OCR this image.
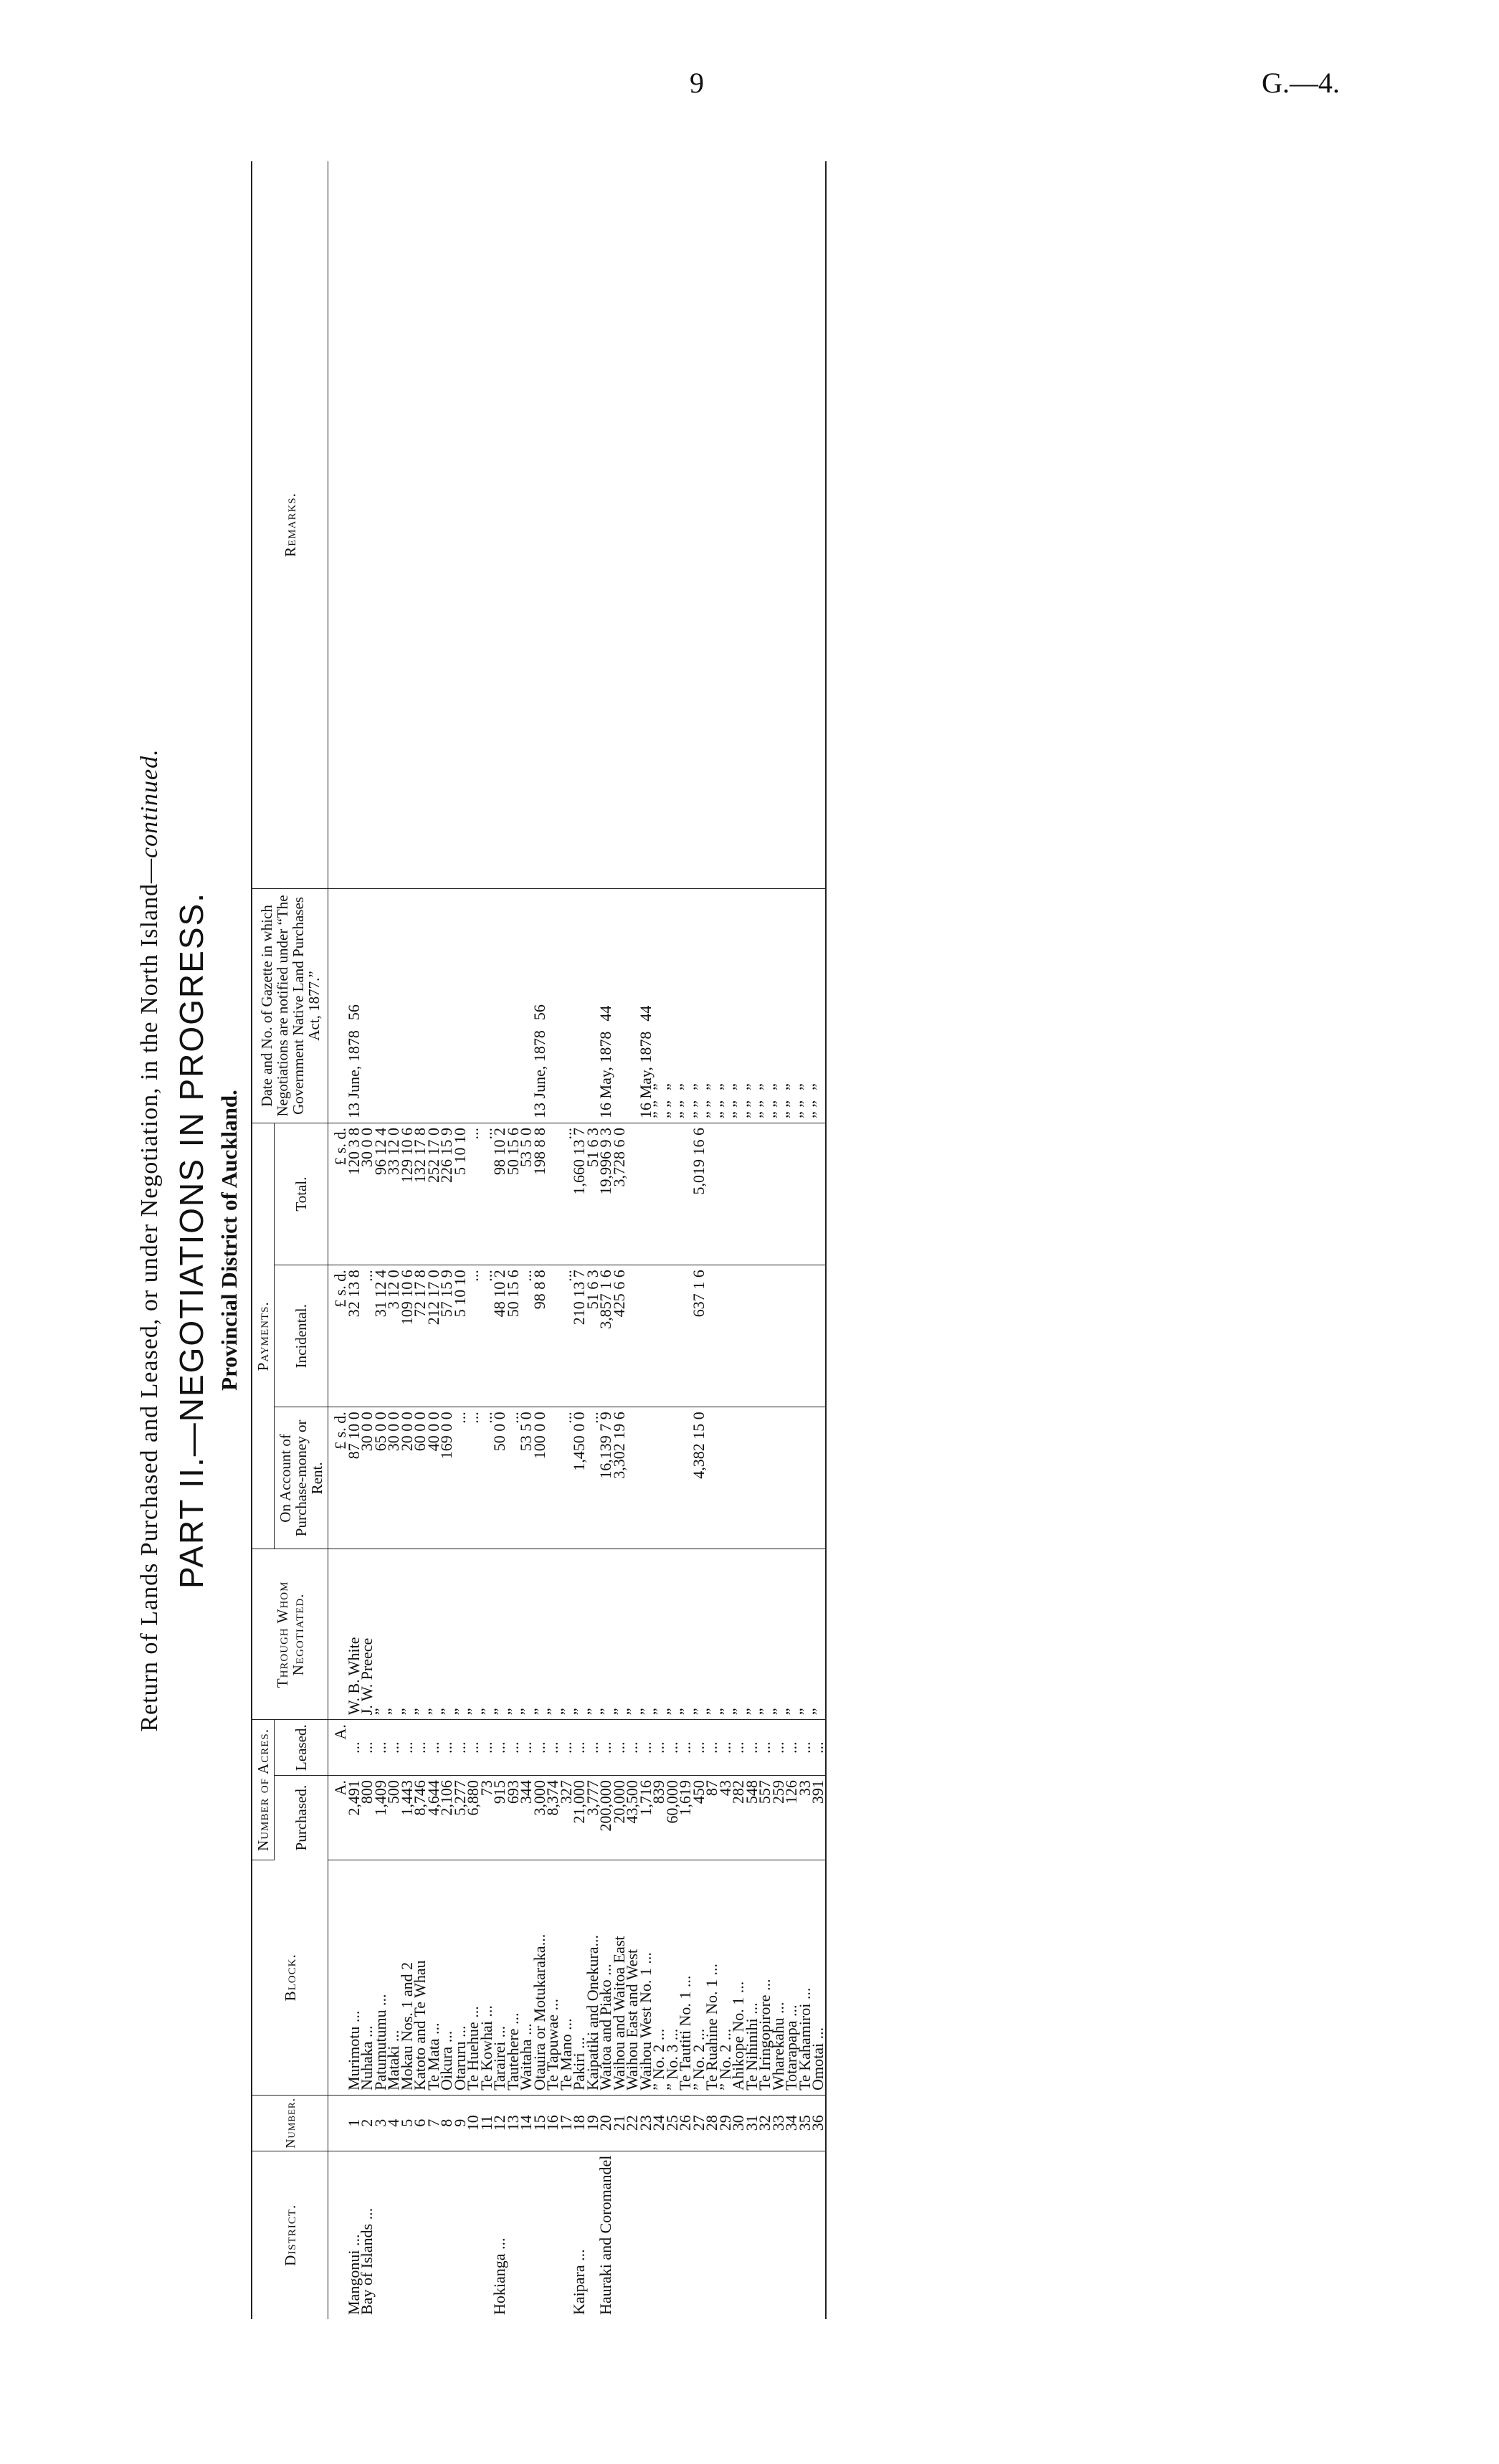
9	G.—4.
Return of Lands Purchased and Leased, or under Negotiation, in the North Island—continued.
PART II.—NEGOTIATIONS IN PROGRESS. Provincial District of Auckland.
District.	Number.	Block.	Number of Acres.		Through Whom Negotiated.	Payments.			Date and No. of Gazette in which Negotiations are notified under “The Government Native Land Purchases Act, 1877.”	Remarks.
			Purchased.	Leased.		On Account of Purchase-money or Rent.	Incidental.	Total.		
			A.	A.		£ s. d.	£ s. d.	£ s. d.		
Mangonui ...	1	Murimotu ...	2,491	...	W. B. White	87 10 0	32 13 8	120 3 8	13 June, 187856	
Bay of Islands ...	2	Nuhaka ...	800	...	J. W. Preece	30 0 0	...	30 0 0		
	3	Patumutumu ...	1,409	...	”	65 0 0	31 12 4	96 12 4		
	4	Mataki ...	500	...	”	30 0 0	3 12 0	33 12 0		
	5	Mokau Nos. 1 and 2	1,443	...	”	20 0 0	109 10 6	129 10 6		
	6	Katoto and Te Whau	8,746	...	”	60 0 0	72 17 8	132 17 8		
	7	Te Mata ...	4,644	...	”	40 0 0	212 17 0	252 17 0		
	8	Oikura ...	2,106	...	”	169 0 0	57 15 9	226 15 9		
	9	Otaruru ...	5,277	...	”	...	5 10 10	5 10 10		
	10	Te Huehue ...	6,880	...	”	...	...	...		
	11	Te Kowhai ...	73	...	”	...	...	...		
Hokianga ...	12	Tarairei ...	915	...	”	50 0 0	48 10 2	98 10 2		
	13	Tautehere ...	693	...	”	...	50 15 6	50 15 6		
	14	Waitaha ...	344	...	”	53 5 0	...	53 5 0		
	15	Otauira or Motukaraka...	3,000	...	”	100 0 0	98 8 8	198 8 8	13 June, 187856	
	16	Te Tapuwae ...	8,374	...	”					
	17	Te Mano ...	327	...	”	...	...	...		
Kaipara ...	18	Pakiri ...	21,000	...	”	1,450 0 0	210 13 7	1,660 13 7		
	19	Kaipatiki and Onekura...	3,777	...	”	...	51 6 3	51 6 3		
Hauraki and Coromandel	20	Waitoa and Piako ...	200,000	...	”	16,139 7 9	3,857 1 6	19,996 9 3	16 May, 187844	
	21	Waihou and Waitoa East	20,000	...	”	3,302 19 6	425 6 6	3,728 6 0		
	22	Waihou East and West	43,500	...	”					
	23	Waihou West No. 1 ...	1,716	...	”				16 May, 187844	
	24	” No. 2 ...	839	...	”				” ””	
	25	” No. 3 ...	60,000	...	”				” ””	
	26	Te Tautiti No. 1 ...	1,619	...	”				” ””	
	27	” No. 2 ...	450	...	”	4,382 15 0	637 1 6	5,019 16 6	” ””	
	28	Te Ruahine No. 1 ...	87	...	”				” ””	
	29	” No. 2 ...	43	...	”				” ””	
	30	Ahikope No. 1 ...	282	...	”				” ””	
	31	Te Nihinihi ...	548	...	”				” ””	
	32	Te Iringopirore ...	557	...	”				” ””	
	33	Wharekahu ...	259	...	”				” ””	
	34	Totarapapa ...	126	...	”				” ””	
	35	Te Kahamiroi ...	33	...	”				” ””	
	36	Omotai ...	391	...	”				” ””	
